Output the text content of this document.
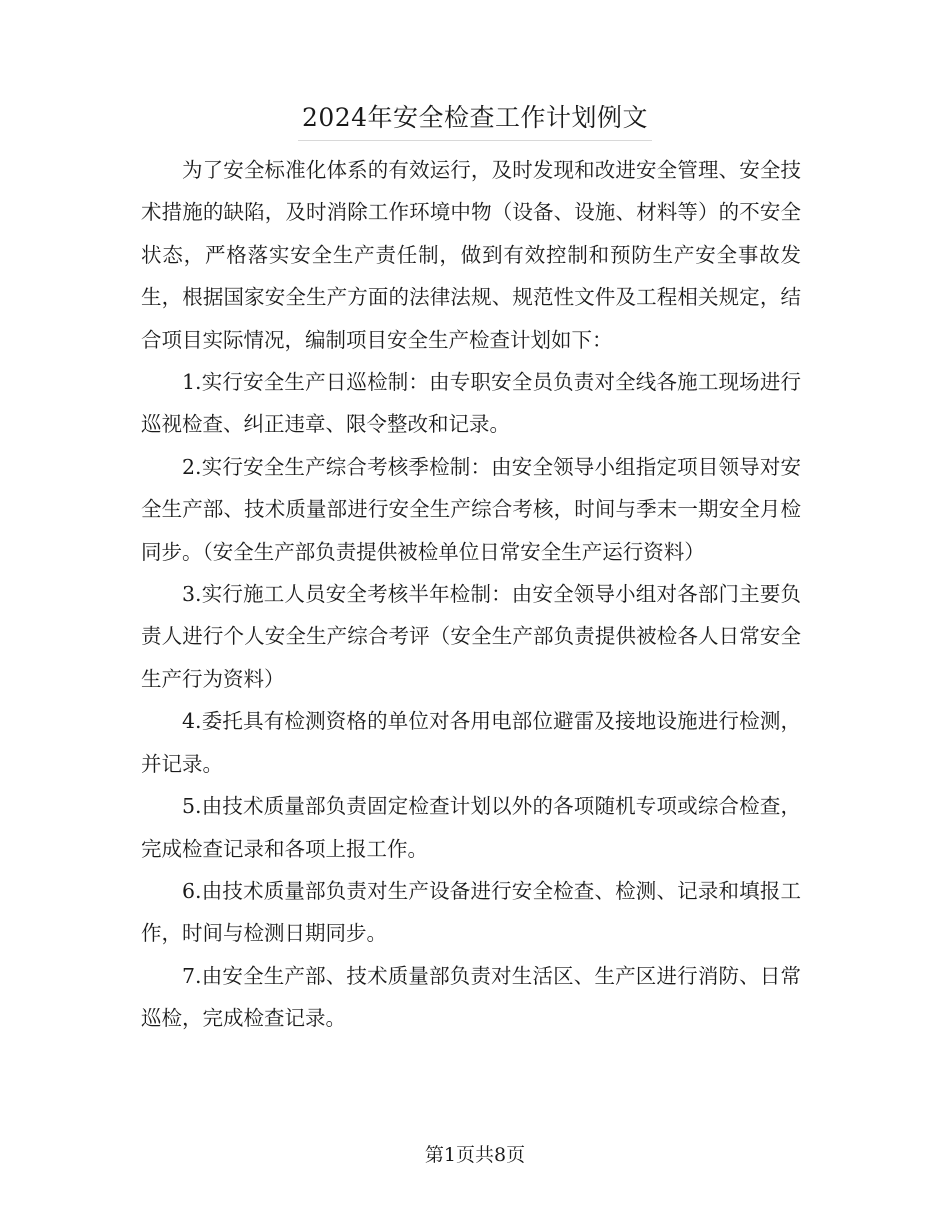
2024年安全检查工作计划例文

为了安全标准化体系的有效运行，及时发现和改进安全管理、安全技术措施的缺陷，及时消除工作环境中物（设备、设施、材料等）的不安全状态，严格落实安全生产责任制，做到有效控制和预防生产安全事故发生，根据国家安全生产方面的法律法规、规范性文件及工程相关规定，结合项目实际情况，编制项目安全生产检查计划如下：

1.实行安全生产日巡检制：由专职安全员负责对全线各施工现场进行巡视检查、纠正违章、限令整改和记录。

2.实行安全生产综合考核季检制：由安全领导小组指定项目领导对安全生产部、技术质量部进行安全生产综合考核，时间与季末一期安全月检同步。（安全生产部负责提供被检单位日常安全生产运行资料）

3.实行施工人员安全考核半年检制：由安全领导小组对各部门主要负责人进行个人安全生产综合考评（安全生产部负责提供被检各人日常安全生产行为资料）

4.委托具有检测资格的单位对各用电部位避雷及接地设施进行检测，并记录。

5.由技术质量部负责固定检查计划以外的各项随机专项或综合检查，完成检查记录和各项上报工作。

6.由技术质量部负责对生产设备进行安全检查、检测、记录和填报工作，时间与检测日期同步。

7.由安全生产部、技术质量部负责对生活区、生产区进行消防、日常巡检，完成检查记录。

第1页共8页
